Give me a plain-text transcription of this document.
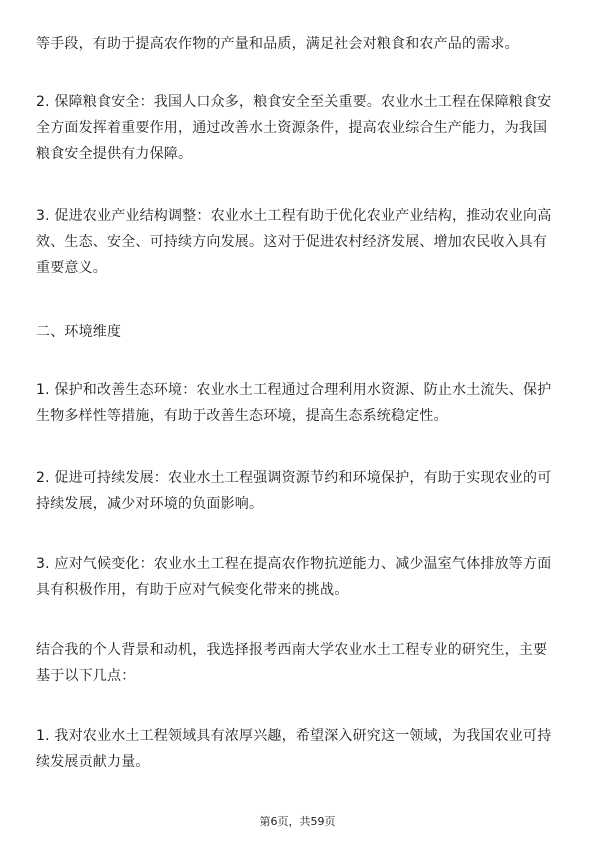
等手段，有助于提高农作物的产量和品质，满足社会对粮食和农产品的需求。

2. 保障粮食安全：我国人口众多，粮食安全至关重要。农业水土工程在保障粮食安
全方面发挥着重要作用，通过改善水土资源条件，提高农业综合生产能力，为我国
粮食安全提供有力保障。

3. 促进农业产业结构调整：农业水土工程有助于优化农业产业结构，推动农业向高
效、生态、安全、可持续方向发展。这对于促进农村经济发展、增加农民收入具有
重要意义。

二、环境维度

1. 保护和改善生态环境：农业水土工程通过合理利用水资源、防止水土流失、保护
生物多样性等措施，有助于改善生态环境，提高生态系统稳定性。

2. 促进可持续发展：农业水土工程强调资源节约和环境保护，有助于实现农业的可
持续发展，减少对环境的负面影响。

3. 应对气候变化：农业水土工程在提高农作物抗逆能力、减少温室气体排放等方面
具有积极作用，有助于应对气候变化带来的挑战。

结合我的个人背景和动机，我选择报考西南大学农业水土工程专业的研究生，主要
基于以下几点：

1. 我对农业水土工程领域具有浓厚兴趣，希望深入研究这一领域，为我国农业可持
续发展贡献力量。

第6页，共59页
